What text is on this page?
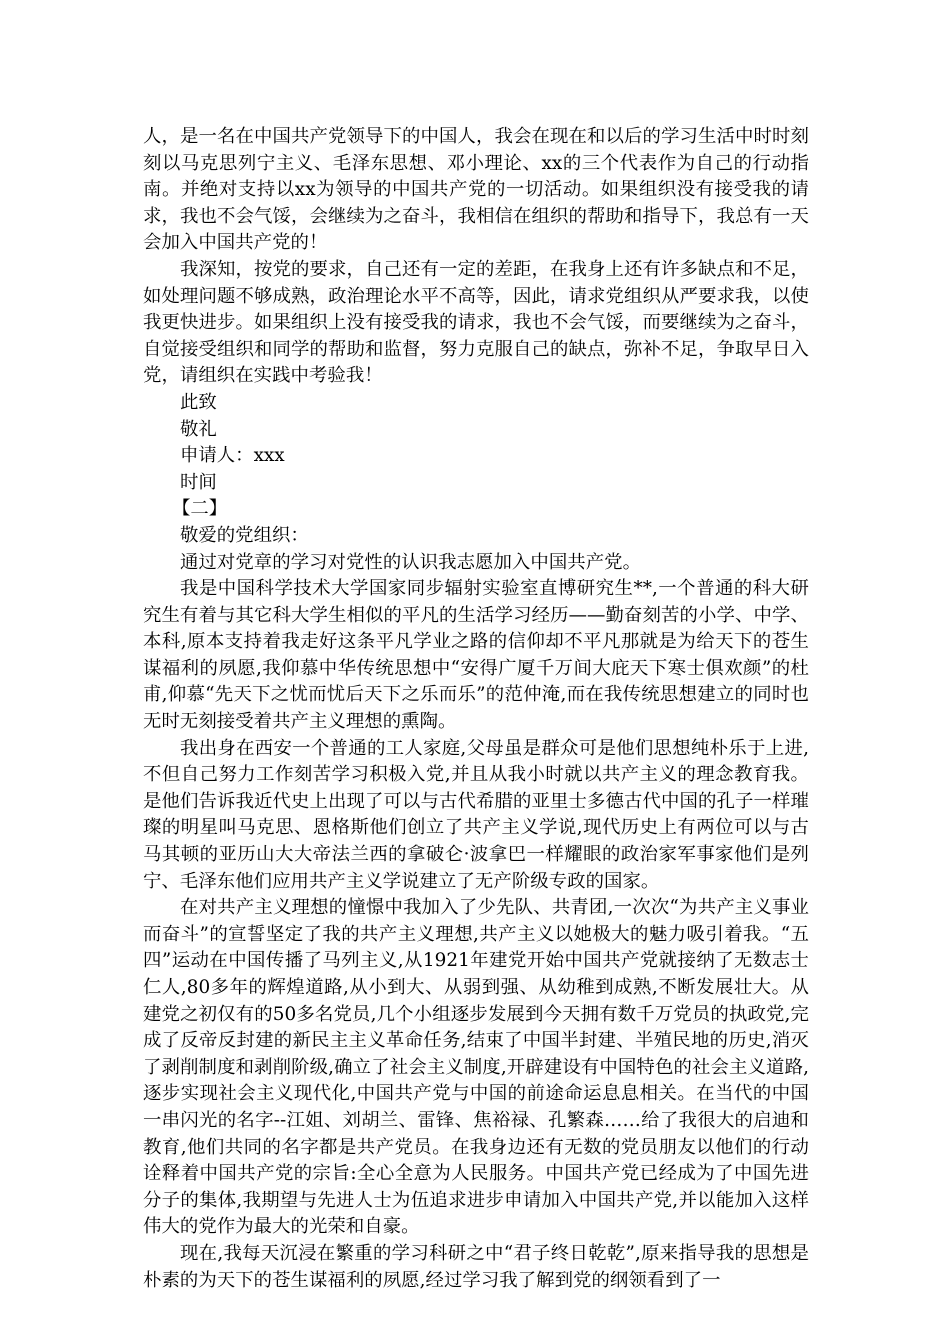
人，是一名在中国共产党领导下的中国人，我会在现在和以后的学习生活中时时刻刻以马克思列宁主义、毛泽东思想、邓小理论、xx的三个代表作为自己的行动指南。并绝对支持以xx为领导的中国共产党的一切活动。如果组织没有接受我的请求，我也不会气馁，会继续为之奋斗，我相信在组织的帮助和指导下，我总有一天会加入中国共产党的！

我深知，按党的要求，自己还有一定的差距，在我身上还有许多缺点和不足，如处理问题不够成熟，政治理论水平不高等，因此，请求党组织从严要求我，以使我更快进步。如果组织上没有接受我的请求，我也不会气馁，而要继续为之奋斗，自觉接受组织和同学的帮助和监督，努力克服自己的缺点，弥补不足，争取早日入党，请组织在实践中考验我！

此致

敬礼

申请人：xxx

时间

【二】

敬爱的党组织：

通过对党章的学习对党性的认识我志愿加入中国共产党。

我是中国科学技术大学国家同步辐射实验室直博研究生**,一个普通的科大研究生有着与其它科大学生相似的平凡的生活学习经历——勤奋刻苦的小学、中学、本科,原本支持着我走好这条平凡学业之路的信仰却不平凡那就是为给天下的苍生谋福利的夙愿,我仰慕中华传统思想中“安得广厦千万间大庇天下寒士俱欢颜”的杜甫,仰慕“先天下之忧而忧后天下之乐而乐”的范仲淹,而在我传统思想建立的同时也无时无刻接受着共产主义理想的熏陶。

我出身在西安一个普通的工人家庭,父母虽是群众可是他们思想纯朴乐于上进,不但自己努力工作刻苦学习积极入党,并且从我小时就以共产主义的理念教育我。是他们告诉我近代史上出现了可以与古代希腊的亚里士多德古代中国的孔子一样璀璨的明星叫马克思、恩格斯他们创立了共产主义学说,现代历史上有两位可以与古马其顿的亚历山大大帝法兰西的拿破仑·波拿巴一样耀眼的政治家军事家他们是列宁、毛泽东他们应用共产主义学说建立了无产阶级专政的国家。

在对共产主义理想的憧憬中我加入了少先队、共青团,一次次“为共产主义事业而奋斗”的宣誓坚定了我的共产主义理想,共产主义以她极大的魅力吸引着我。“五四”运动在中国传播了马列主义,从1921年建党开始中国共产党就接纳了无数志士仁人,80多年的辉煌道路,从小到大、从弱到强、从幼稚到成熟,不断发展壮大。从建党之初仅有的50多名党员,几个小组逐步发展到今天拥有数千万党员的执政党,完成了反帝反封建的新民主主义革命任务,结束了中国半封建、半殖民地的历史,消灭了剥削制度和剥削阶级,确立了社会主义制度,开辟建设有中国特色的社会主义道路,逐步实现社会主义现代化,中国共产党与中国的前途命运息息相关。在当代的中国一串闪光的名字--江姐、刘胡兰、雷锋、焦裕禄、孔繁森……给了我很大的启迪和教育,他们共同的名字都是共产党员。在我身边还有无数的党员朋友以他们的行动诠释着中国共产党的宗旨:全心全意为人民服务。中国共产党已经成为了中国先进分子的集体,我期望与先进人士为伍追求进步申请加入中国共产党,并以能加入这样伟大的党作为最大的光荣和自豪。

现在,我每天沉浸在繁重的学习科研之中“君子终日乾乾”,原来指导我的思想是朴素的为天下的苍生谋福利的夙愿,经过学习我了解到党的纲领看到了一
